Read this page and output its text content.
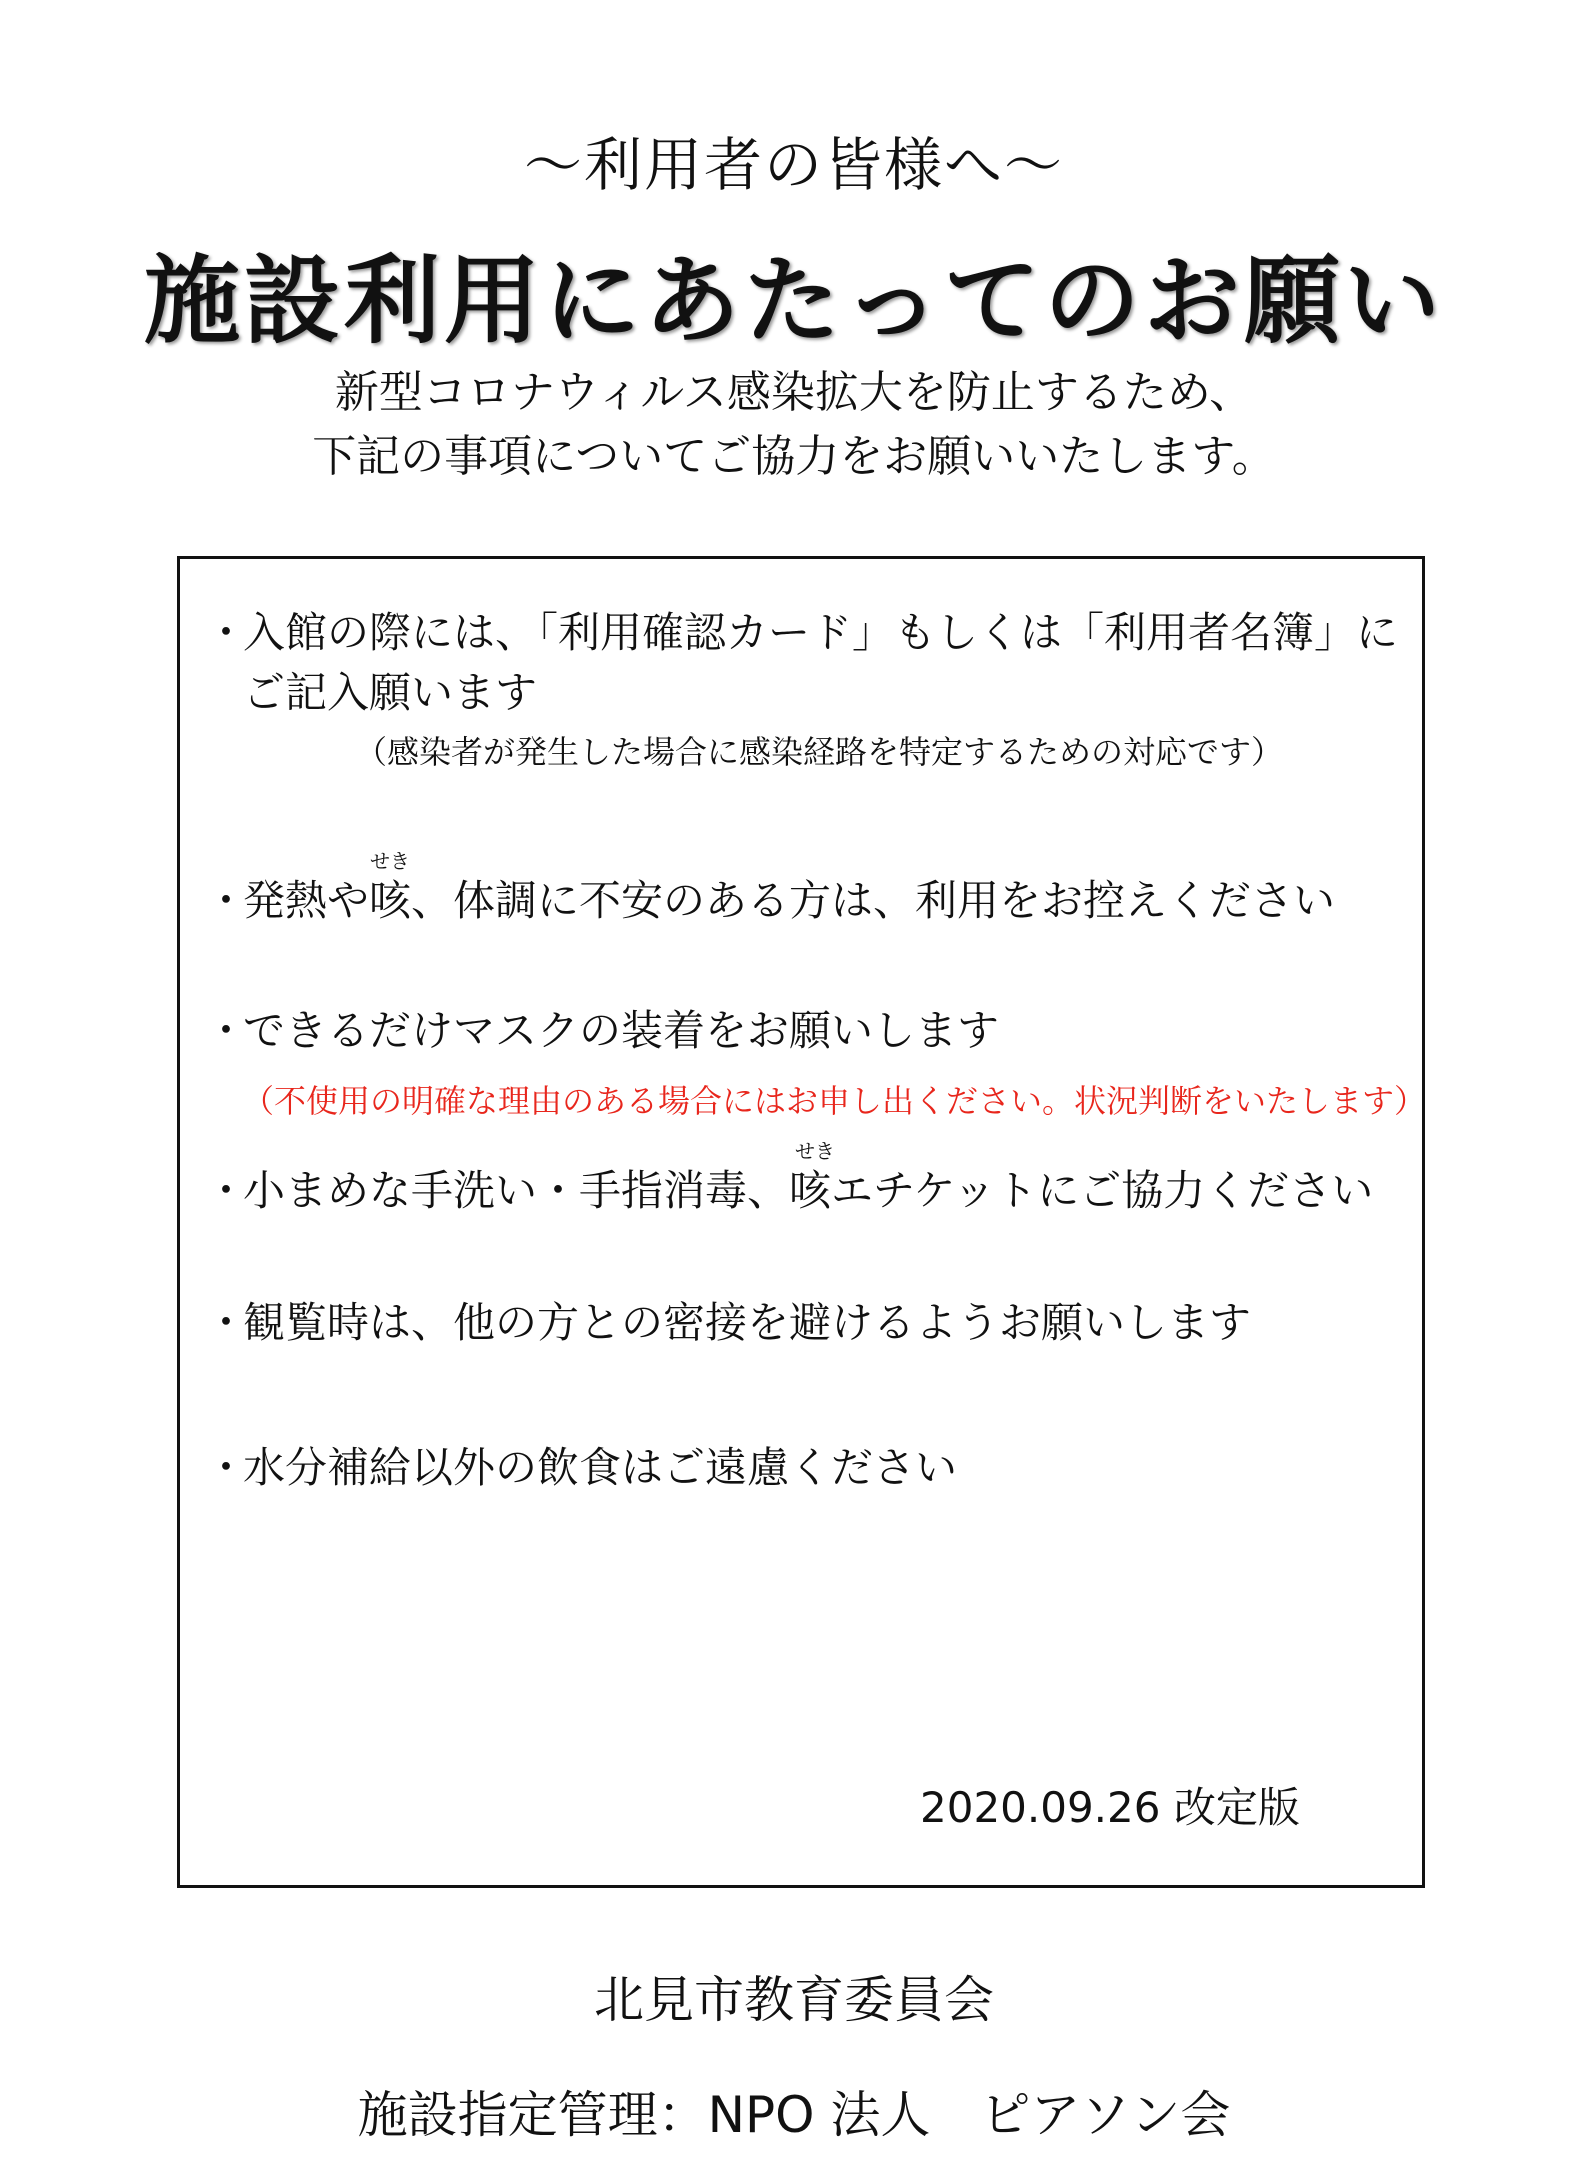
〜利用者の皆様へ〜
施設利用にあたってのお願い
新型コロナウィルス感染拡大を防止するため、
下記の事項についてご協力をお願いいたします。
・入館の際には、「利用確認カード」もしくは「利用者名簿」に
ご記入願います
（感染者が発生した場合に感染経路を特定するための対応です）
せき
・発熱や咳、体調に不安のある方は、利用をお控えください
・できるだけマスクの装着をお願いします
（不使用の明確な理由のある場合にはお申し出ください。状況判断をいたします）
せき
・小まめな手洗い・手指消毒、咳エチケットにご協力ください
・観覧時は、他の方との密接を避けるようお願いします
・水分補給以外の飲食はご遠慮ください
2020.09.26 改定版
北見市教育委員会
施設指定管理：NPO 法人　ピアソン会
